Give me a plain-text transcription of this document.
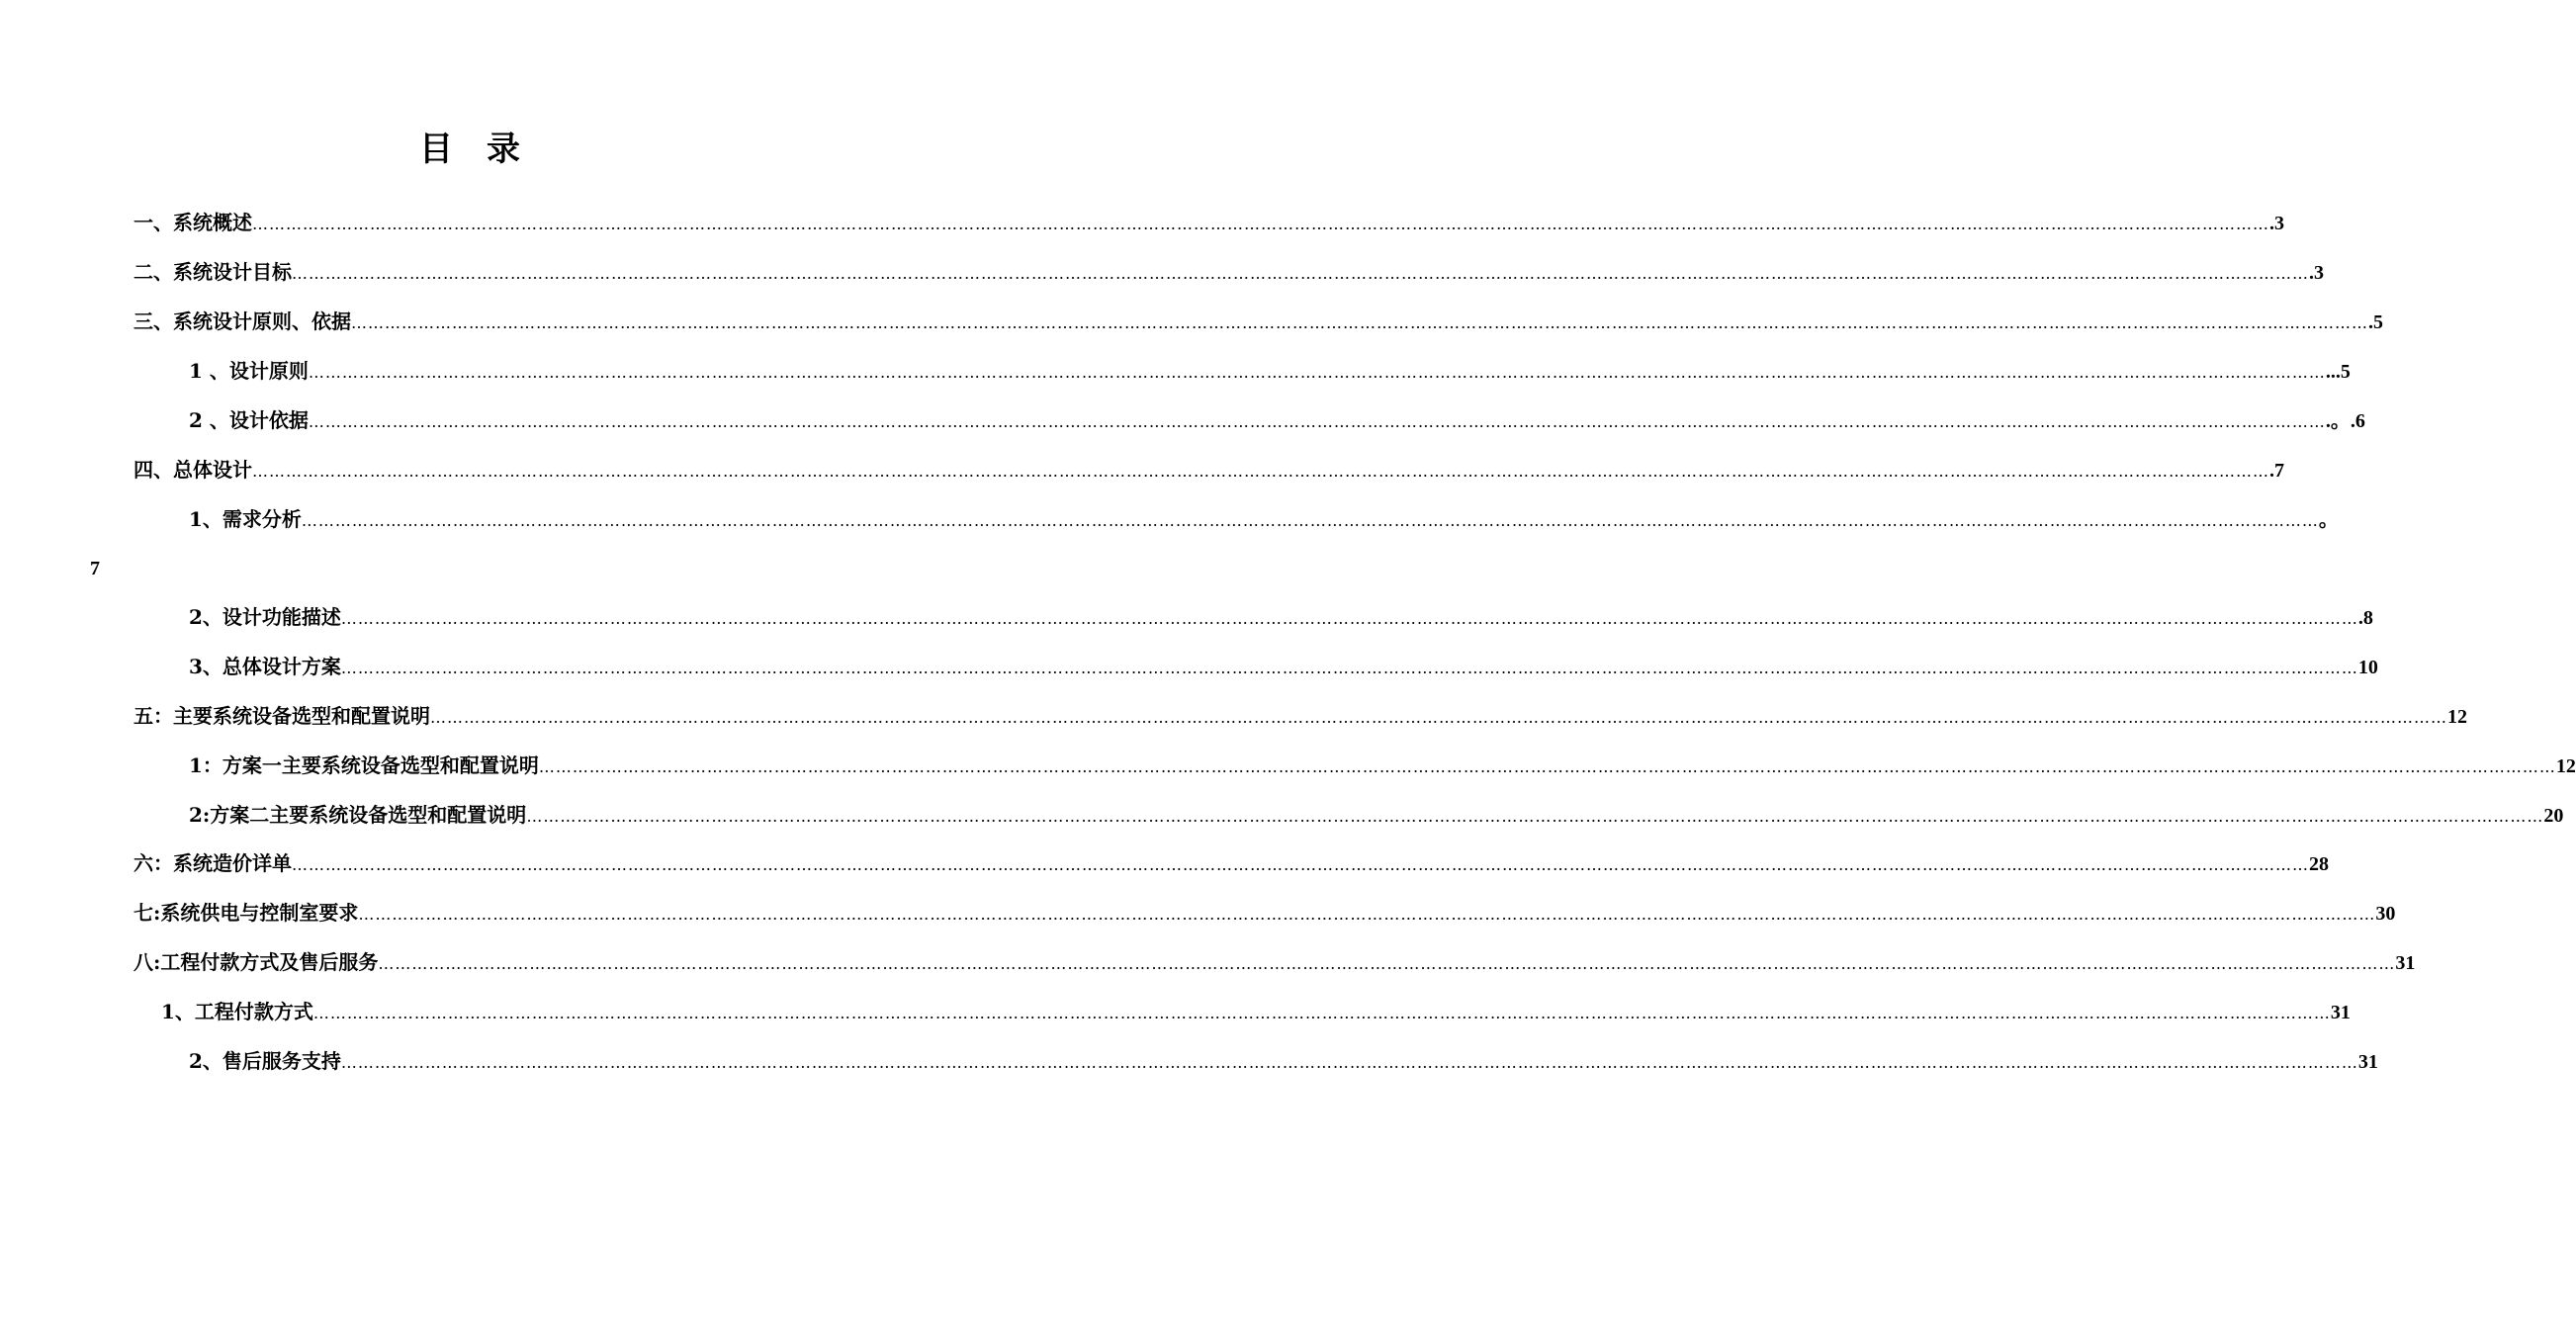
目 录
一、系统概述 ……………………………………………………………………………………………………………………………………………………………………………………………………………………………………………………………………………………………………………………………… .3
二、系统设计目标 ……………………………………………………………………………………………………………………………………………………………………………………………………………………………………………………………………………………………………………………………… .3
三、系统设计原则、依据 ……………………………………………………………………………………………………………………………………………………………………………………………………………………………………………………………………………………………………………………………… .5
1 、设计原则 ……………………………………………………………………………………………………………………………………………………………………………………………………………………………………………………………………………………………………………………………… ...5
2 、设计依据 ……………………………………………………………………………………………………………………………………………………………………………………………………………………………………………………………………………………………………………………………… .。.6
四、总体设计 ……………………………………………………………………………………………………………………………………………………………………………………………………………………………………………………………………………………………………………………………… .7
1、需求分析 ……………………………………………………………………………………………………………………………………………………………………………………………………………………………………………………………………………………………………………………………… 。
7
2、设计功能描述 ……………………………………………………………………………………………………………………………………………………………………………………………………………………………………………………………………………………………………………………………… .8
3、总体设计方案 ……………………………………………………………………………………………………………………………………………………………………………………………………………………………………………………………………………………………………………………………… 10
五：主要系统设备选型和配置说明 ……………………………………………………………………………………………………………………………………………………………………………………………………………………………………………………………………………………………………………………………… 12
1：方案一主要系统设备选型和配置说明 ……………………………………………………………………………………………………………………………………………………………………………………………………………………………………………………………………………………………………………………………… 12
2:方案二主要系统设备选型和配置说明 ……………………………………………………………………………………………………………………………………………………………………………………………………………………………………………………………………………………………………………………………… 20
六：系统造价详单 ……………………………………………………………………………………………………………………………………………………………………………………………………………………………………………………………………………………………………………………………… 28
七:系统供电与控制室要求 ……………………………………………………………………………………………………………………………………………………………………………………………………………………………………………………………………………………………………………………………… 30
八:工程付款方式及售后服务 ……………………………………………………………………………………………………………………………………………………………………………………………………………………………………………………………………………………………………………………………… 31
1、工程付款方式 ……………………………………………………………………………………………………………………………………………………………………………………………………………………………………………………………………………………………………………………………… 31
2、售后服务支持 ……………………………………………………………………………………………………………………………………………………………………………………………………………………………………………………………………………………………………………………………… 31
